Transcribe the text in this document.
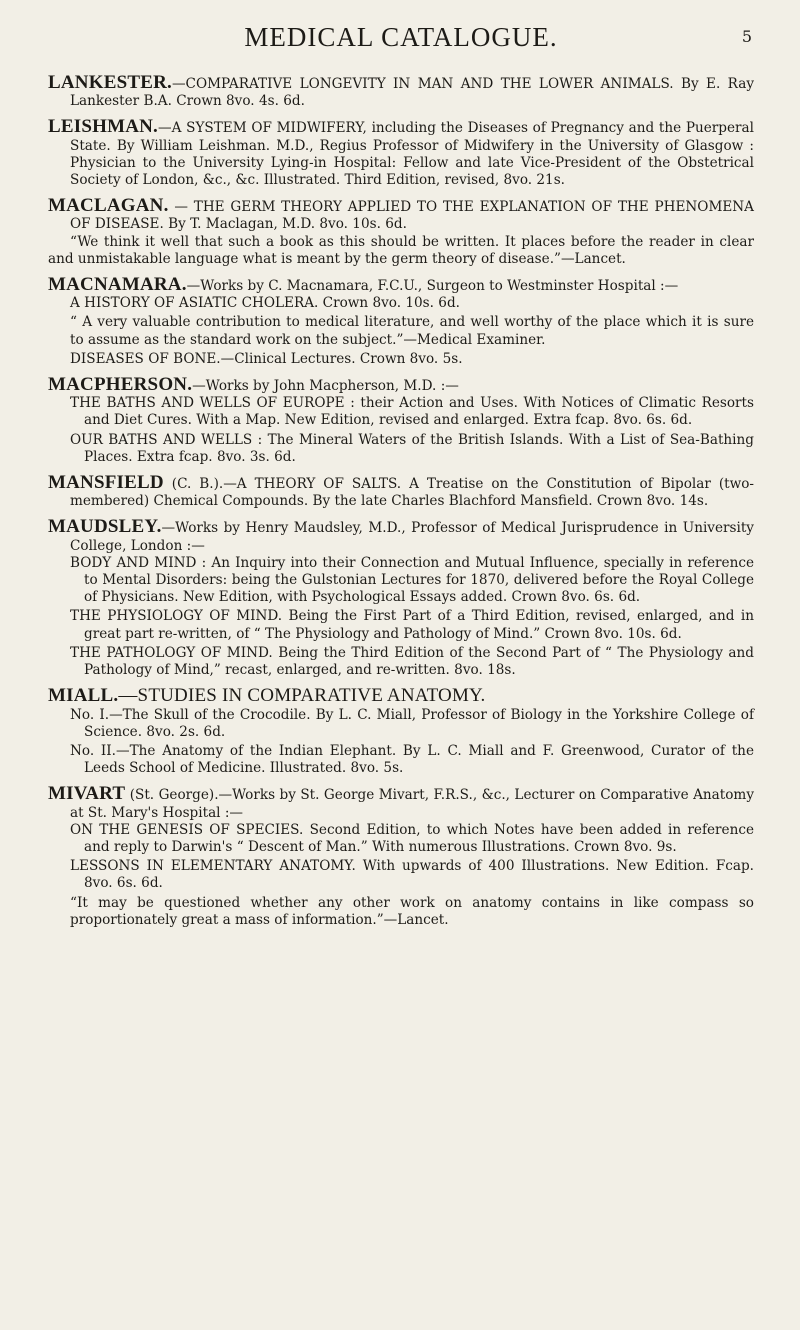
MEDICAL CATALOGUE.	5

LANKESTER.—COMPARATIVE LONGEVITY IN MAN AND THE LOWER ANIMALS. By E. Ray Lankester B.A. Crown 8vo. 4s. 6d.

LEISHMAN.—A SYSTEM OF MIDWIFERY, including the Diseases of Pregnancy and the Puerperal State. By William Leishman. M.D., Regius Professor of Midwifery in the University of Glasgow : Physician to the University Lying-in Hospital: Fellow and late Vice-President of the Obstetrical Society of London, &c., &c. Illustrated. Third Edition, revised, 8vo. 21s.

MACLAGAN. — THE GERM THEORY APPLIED TO THE EXPLANATION OF THE PHENOMENA OF DISEASE. By T. Maclagan, M.D. 8vo. 10s. 6d.

“We think it well that such a book as this should be written. It places before the reader in clear and unmistakable language what is meant by the germ theory of disease.”—Lancet.

MACNAMARA.—Works by C. Macnamara, F.C.U., Surgeon to Westminster Hospital :—

A HISTORY OF ASIATIC CHOLERA. Crown 8vo. 10s. 6d.

“ A very valuable contribution to medical literature, and well worthy of the place which it is sure to assume as the standard work on the subject.”—Medical Examiner.

DISEASES OF BONE.—Clinical Lectures. Crown 8vo. 5s.

MACPHERSON.—Works by John Macpherson, M.D. :—

THE BATHS AND WELLS OF EUROPE : their Action and Uses. With Notices of Climatic Resorts and Diet Cures. With a Map. New Edition, revised and enlarged. Extra fcap. 8vo. 6s. 6d.

OUR BATHS AND WELLS : The Mineral Waters of the British Islands. With a List of Sea-Bathing Places. Extra fcap. 8vo. 3s. 6d.

MANSFIELD (C. B.).—A THEORY OF SALTS. A Treatise on the Constitution of Bipolar (two-membered) Chemical Compounds. By the late Charles Blachford Mansfield. Crown 8vo. 14s.

MAUDSLEY.—Works by Henry Maudsley, M.D., Professor of Medical Jurisprudence in University College, London :—

BODY AND MIND : An Inquiry into their Connection and Mutual Influence, specially in reference to Mental Disorders: being the Gulstonian Lectures for 1870, delivered before the Royal College of Physicians. New Edition, with Psychological Essays added. Crown 8vo. 6s. 6d.

THE PHYSIOLOGY OF MIND. Being the First Part of a Third Edition, revised, enlarged, and in great part re-written, of “ The Physiology and Pathology of Mind.” Crown 8vo. 10s. 6d.

THE PATHOLOGY OF MIND. Being the Third Edition of the Second Part of “ The Physiology and Pathology of Mind,” recast, enlarged, and re-written. 8vo. 18s.

MIALL.—STUDIES IN COMPARATIVE ANATOMY.

No. I.—The Skull of the Crocodile. By L. C. Miall, Professor of Biology in the Yorkshire College of Science. 8vo. 2s. 6d.

No. II.—The Anatomy of the Indian Elephant. By L. C. Miall and F. Greenwood, Curator of the Leeds School of Medicine. Illustrated. 8vo. 5s.

MIVART (St. George).—Works by St. George Mivart, F.R.S., &c., Lecturer on Comparative Anatomy at St. Mary's Hospital :—

ON THE GENESIS OF SPECIES. Second Edition, to which Notes have been added in reference and reply to Darwin's “ Descent of Man.” With numerous Illustrations. Crown 8vo. 9s.

LESSONS IN ELEMENTARY ANATOMY. With upwards of 400 Illustrations. New Edition. Fcap. 8vo. 6s. 6d.

“It may be questioned whether any other work on anatomy contains in like compass so proportionately great a mass of information.”—Lancet.
